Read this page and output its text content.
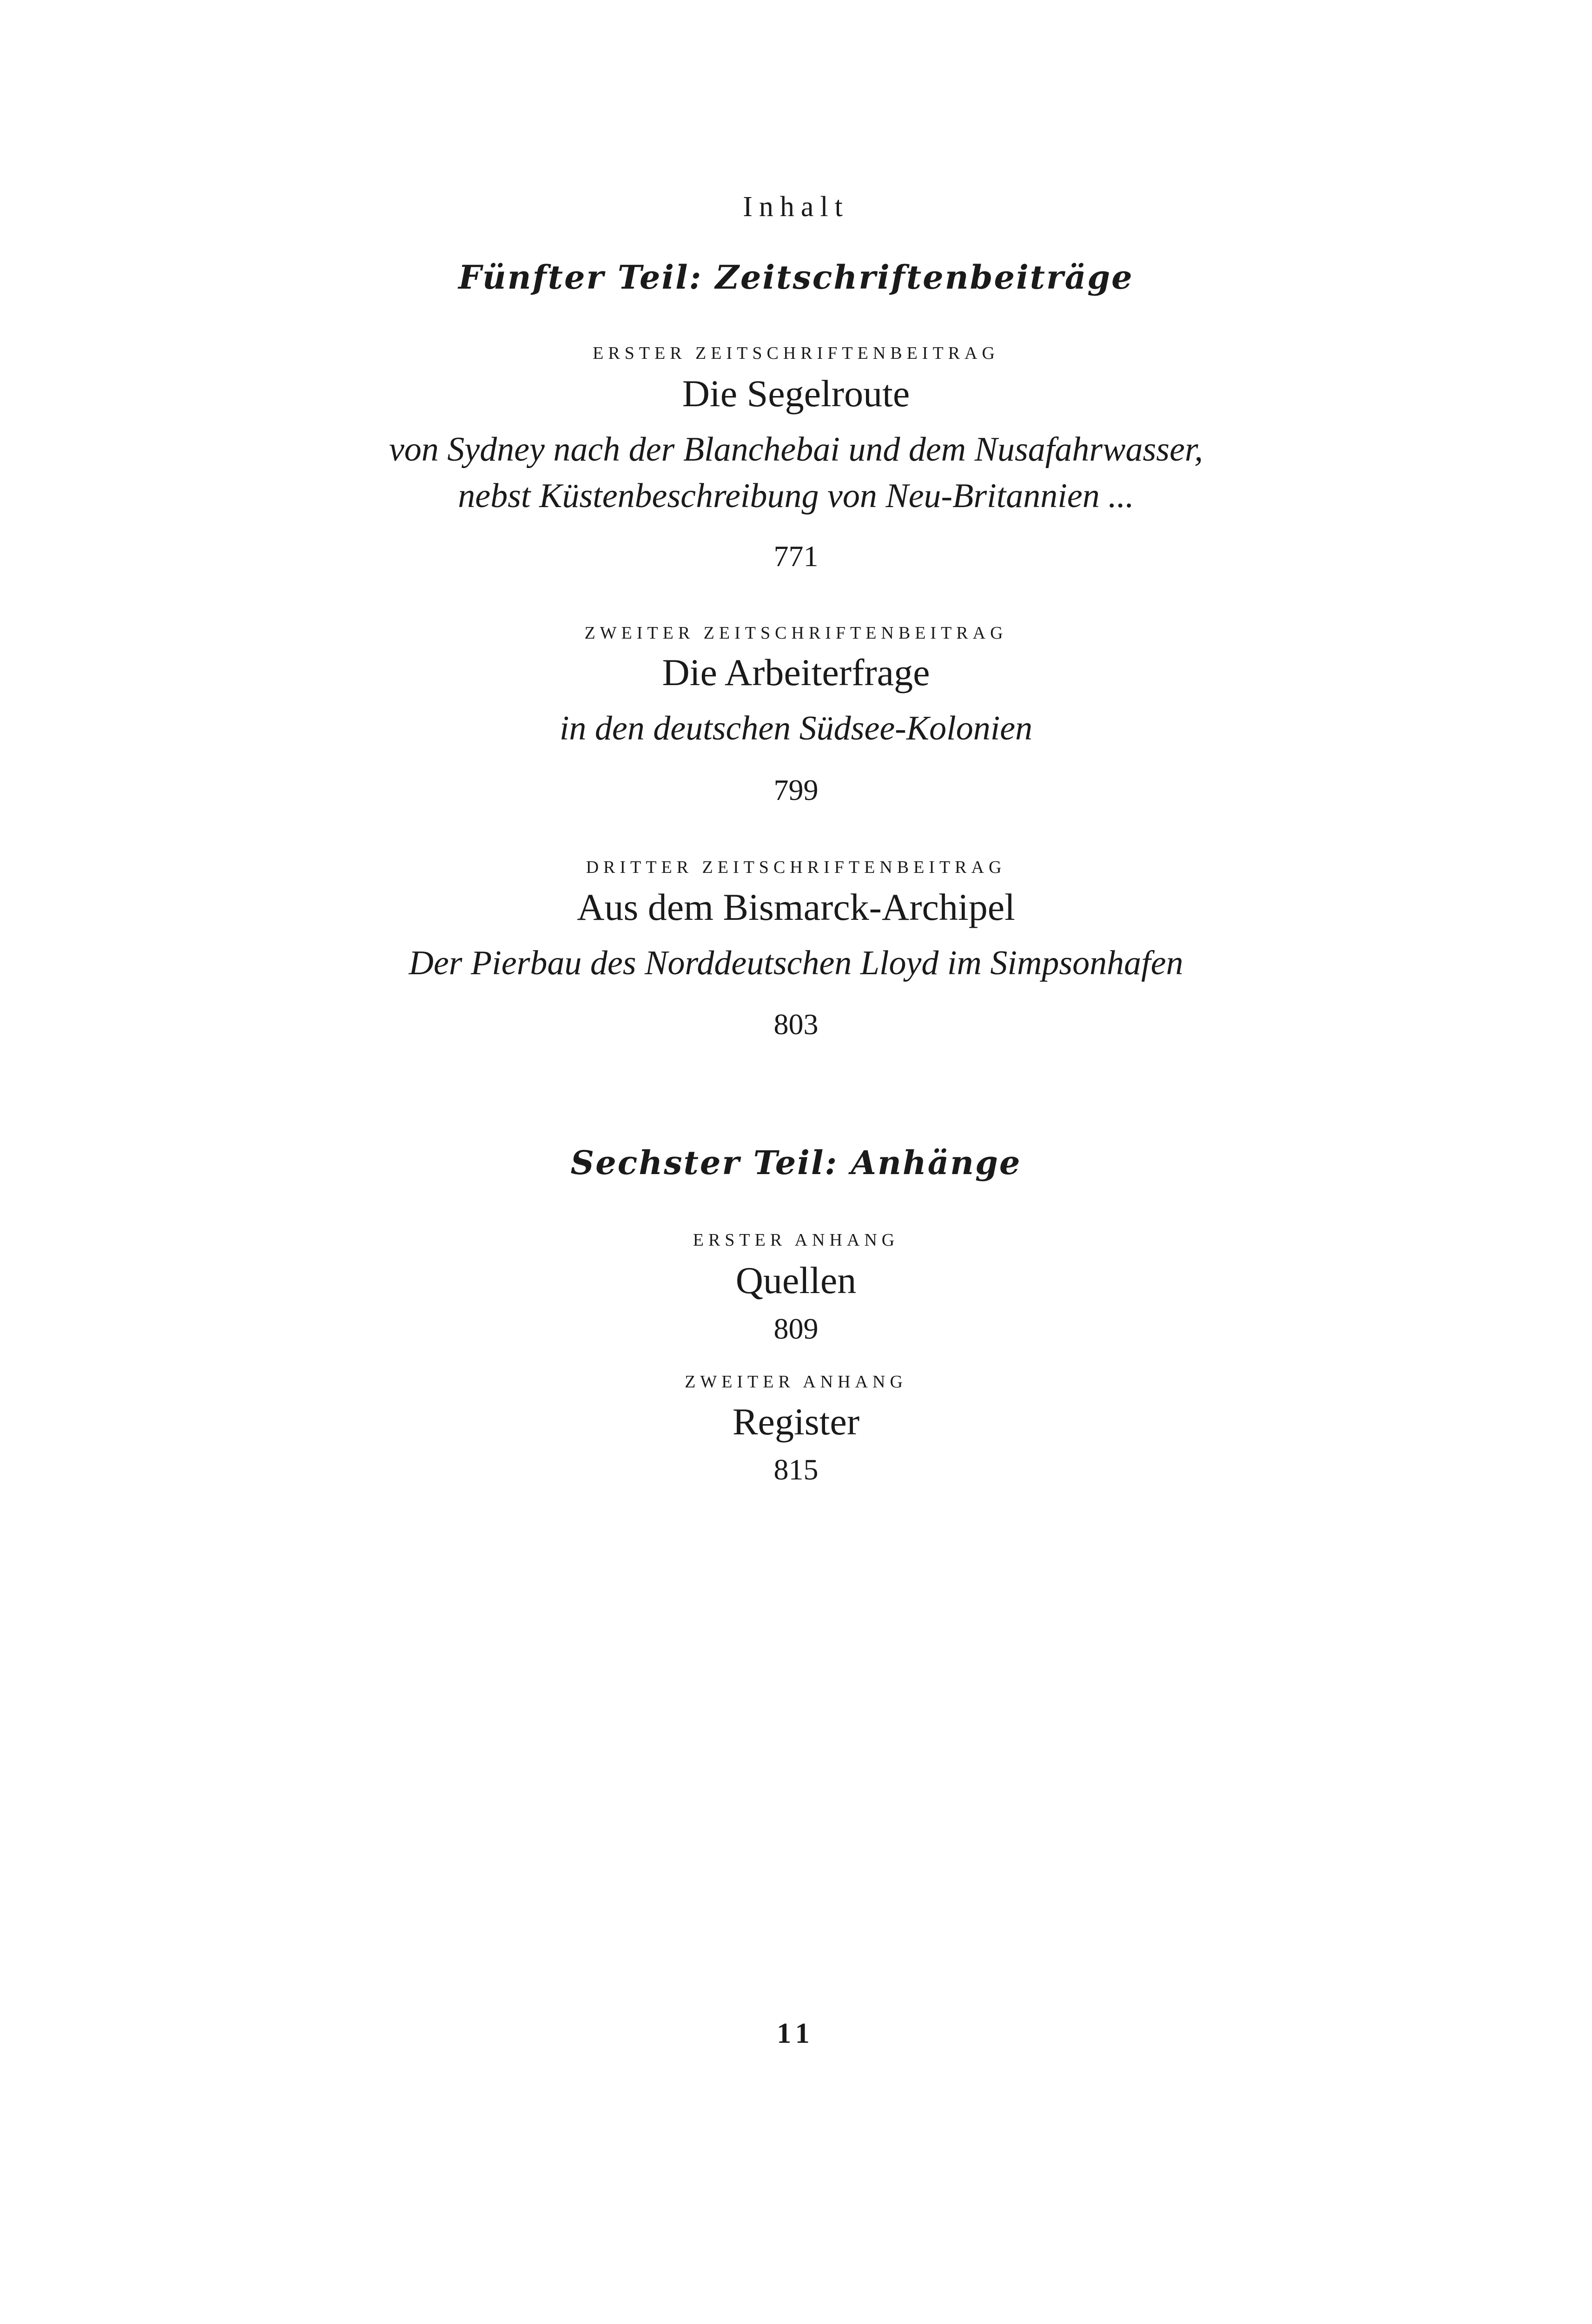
Inhalt
Fünfter Teil: Zeitschriftenbeiträge
ERSTER ZEITSCHRIFTENBEITRAG
Die Segelroute
von Sydney nach der Blanchebai und dem Nusafahrwasser,
nebst Küstenbeschreibung von Neu-Britannien ...
771
ZWEITER ZEITSCHRIFTENBEITRAG
Die Arbeiterfrage
in den deutschen Südsee-Kolonien
799
DRITTER ZEITSCHRIFTENBEITRAG
Aus dem Bismarck-Archipel
Der Pierbau des Norddeutschen Lloyd im Simpsonhafen
803
Sechster Teil: Anhänge
ERSTER ANHANG
Quellen
809
ZWEITER ANHANG
Register
815
11
